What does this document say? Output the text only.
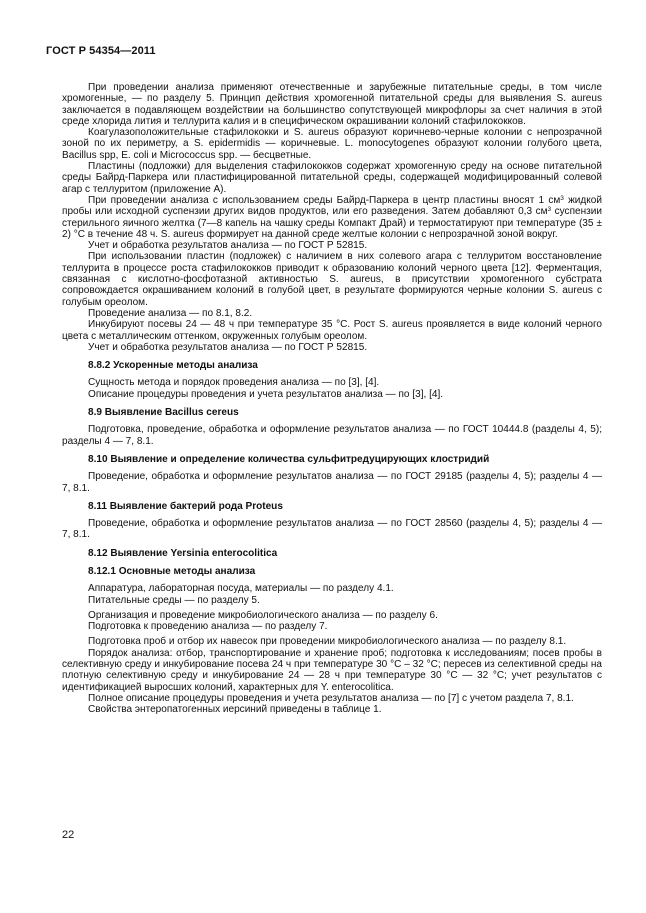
ГОСТ Р 54354—2011

При проведении анализа применяют отечественные и зарубежные питательные среды, в том числе хромогенные, — по разделу 5. Принцип действия хромогенной питательной среды для выявления S. aureus заключается в подавляющем воздействии на большинство сопутствующей микрофлоры за счет наличия в этой среде хлорида лития и теллурита калия и в специфическом окрашивании колоний стафилококков.

Коагулазоположительные стафилококки и S. aureus образуют коричнево-черные колонии с непрозрачной зоной по их периметру, а S. epidermidis — коричневые. L. monocytogenes образуют колонии голубого цвета, Bacillus spp, E. coli и Micrococcus spp. — бесцветные.

Пластины (подложки) для выделения стафилококков содержат хромогенную среду на основе питательной среды Байрд-Паркера или пластифицированной питательной среды, содержащей модифицированный солевой агар с теллуритом (приложение А).

При проведении анализа с использованием среды Байрд-Паркера в центр пластины вносят 1 $см^3$ жидкой пробы или исходной суспензии других видов продуктов, или его разведения. Затем добавляют 0,3 $см^3$ суспензии стерильного яичного желтка (7—8 капель на чашку среды Компакт Драй) и термостатируют при температуре (35 ± 2) °С в течение 48 ч. S. aureus формирует на данной среде желтые колонии с непрозрачной зоной вокруг.

Учет и обработка результатов анализа — по ГОСТ Р 52815.

При использовании пластин (подложек) с наличием в них солевого агара с теллуритом восстановление теллурита в процессе роста стафилококков приводит к образованию колоний черного цвета [12]. Ферментация, связанная с кислотно-фосфотазной активностью S. aureus, в присутствии хромогенного субстрата сопровождается окрашиванием колоний в голубой цвет, в результате формируются черные колонии S. aureus с голубым ореолом.

Проведение анализа — по 8.1, 8.2.

Инкубируют посевы 24 — 48 ч при температуре 35 °С. Рост S. aureus проявляется в виде колоний черного цвета с металлическим оттенком, окруженных голубым ореолом.

Учет и обработка результатов анализа — по ГОСТ Р 52815.

8.8.2 Ускоренные методы анализа

Сущность метода и порядок проведения анализа — по [3], [4].

Описание процедуры проведения и учета результатов анализа — по [3], [4].

8.9 Выявление Bacillus cereus

Подготовка, проведение, обработка и оформление результатов анализа — по ГОСТ 10444.8 (разделы 4, 5); разделы 4 — 7, 8.1.

8.10 Выявление и определение количества сульфитредуцирующих клостридий

Проведение, обработка и оформление результатов анализа — по ГОСТ 29185 (разделы 4, 5); разделы 4 — 7, 8.1.

8.11 Выявление бактерий рода Proteus

Проведение, обработка и оформление результатов анализа — по ГОСТ 28560 (разделы 4, 5); разделы 4 — 7, 8.1.

8.12 Выявление Yersinia enterocolitica
8.12.1 Основные методы анализа

Аппаратура, лабораторная посуда, материалы — по разделу 4.1.

Питательные среды — по разделу 5.

Организация и проведение микробиологического анализа — по разделу 6.

Подготовка к проведению анализа — по разделу 7.

Подготовка проб и отбор их навесок при проведении микробиологического анализа — по разделу 8.1.

Порядок анализа: отбор, транспортирование и хранение проб; подготовка к исследованиям; посев пробы в селективную среду и инкубирование посева 24 ч при температуре 30 °С – 32 °С; пересев из селективной среды на плотную селективную среду и инкубирование 24 — 28 ч при температуре 30 °С — 32 °С; учет результатов с идентификацией выросших колоний, характерных для Y. enterocolitica.

Полное описание процедуры проведения и учета результатов анализа — по [7] с учетом раздела 7, 8.1.

Свойства энтеропатогенных иерсиний приведены в таблице 1.

22
